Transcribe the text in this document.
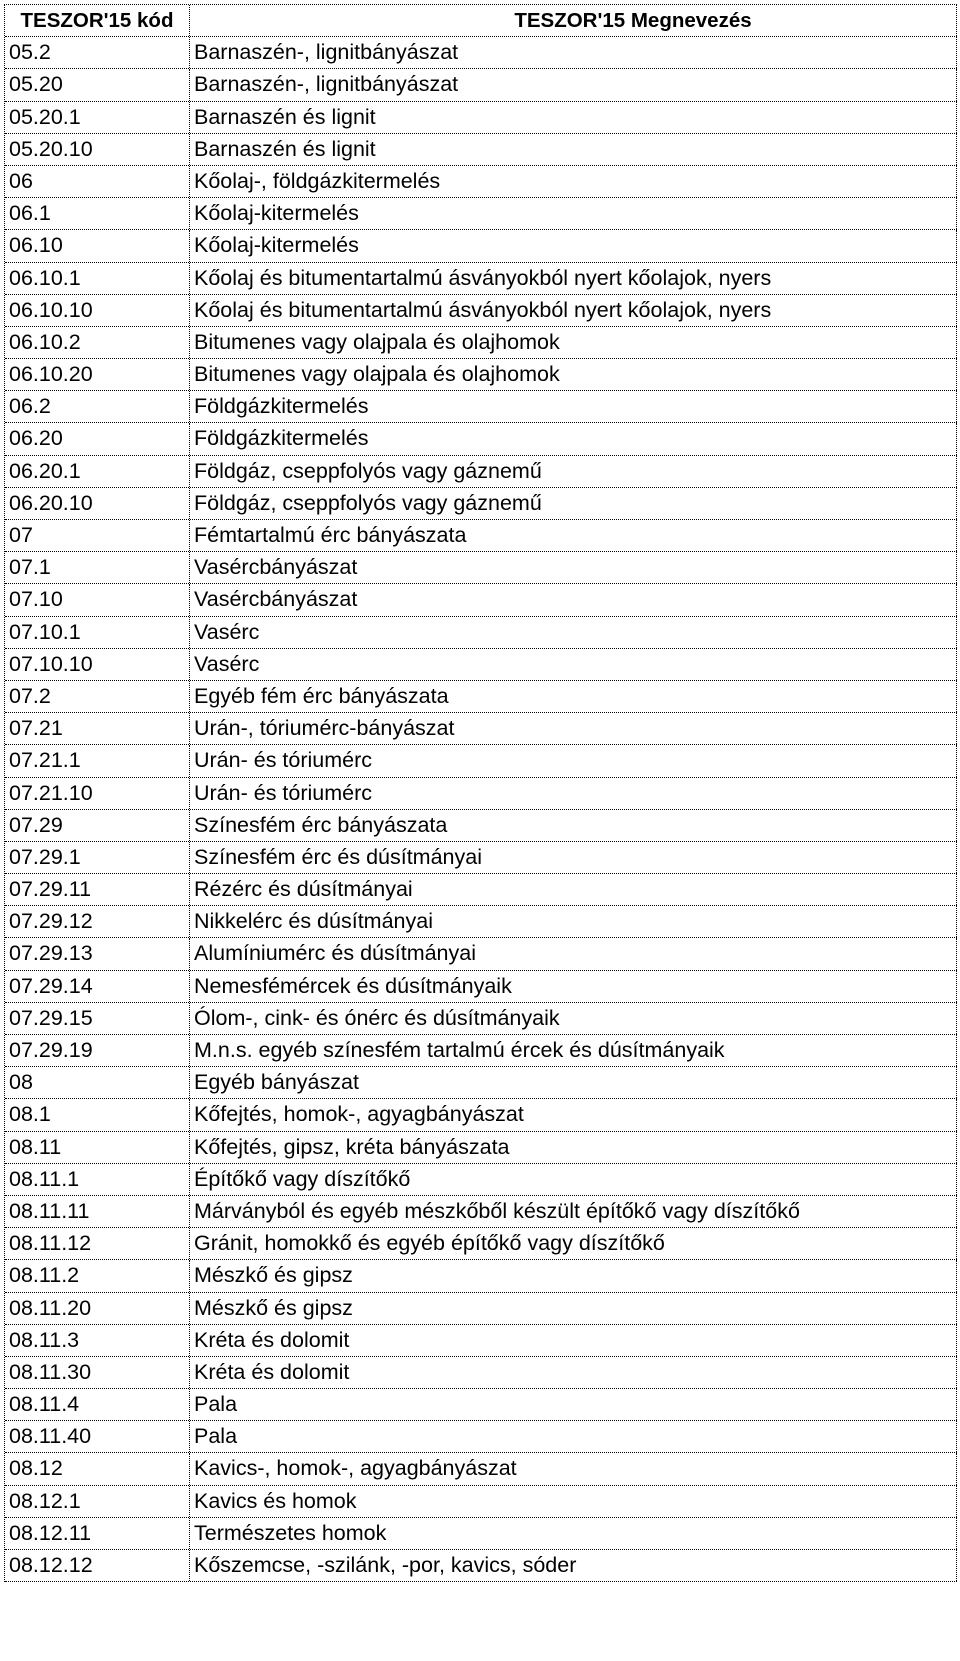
TESZOR'15 kód	TESZOR'15 Megnevezés
05.2	Barnaszén-, lignitbányászat
05.20	Barnaszén-, lignitbányászat
05.20.1	Barnaszén és lignit
05.20.10	Barnaszén és lignit
06	Kőolaj-, földgázkitermelés
06.1	Kőolaj-kitermelés
06.10	Kőolaj-kitermelés
06.10.1	Kőolaj és bitumentartalmú ásványokból nyert kőolajok, nyers
06.10.10	Kőolaj és bitumentartalmú ásványokból nyert kőolajok, nyers
06.10.2	Bitumenes vagy olajpala és olajhomok
06.10.20	Bitumenes vagy olajpala és olajhomok
06.2	Földgázkitermelés
06.20	Földgázkitermelés
06.20.1	Földgáz, cseppfolyós vagy gáznemű
06.20.10	Földgáz, cseppfolyós vagy gáznemű
07	Fémtartalmú érc bányászata
07.1	Vasércbányászat
07.10	Vasércbányászat
07.10.1	Vasérc
07.10.10	Vasérc
07.2	Egyéb fém érc bányászata
07.21	Urán-, tóriumérc-bányászat
07.21.1	Urán- és tóriumérc
07.21.10	Urán- és tóriumérc
07.29	Színesfém érc bányászata
07.29.1	Színesfém érc és dúsítmányai
07.29.11	Rézérc és dúsítmányai
07.29.12	Nikkelérc és dúsítmányai
07.29.13	Alumíniumérc és dúsítmányai
07.29.14	Nemesfémércek és dúsítmányaik
07.29.15	Ólom-, cink- és ónérc és dúsítmányaik
07.29.19	M.n.s. egyéb színesfém tartalmú ércek és dúsítmányaik
08	Egyéb bányászat
08.1	Kőfejtés, homok-, agyagbányászat
08.11	Kőfejtés, gipsz, kréta bányászata
08.11.1	Építőkő vagy díszítőkő
08.11.11	Márványból és egyéb mészkőből készült építőkő vagy díszítőkő
08.11.12	Gránit, homokkő és egyéb építőkő vagy díszítőkő
08.11.2	Mészkő és gipsz
08.11.20	Mészkő és gipsz
08.11.3	Kréta és dolomit
08.11.30	Kréta és dolomit
08.11.4	Pala
08.11.40	Pala
08.12	Kavics-, homok-, agyagbányászat
08.12.1	Kavics és homok
08.12.11	Természetes homok
08.12.12	Kőszemcse, -szilánk, -por, kavics, sóder
